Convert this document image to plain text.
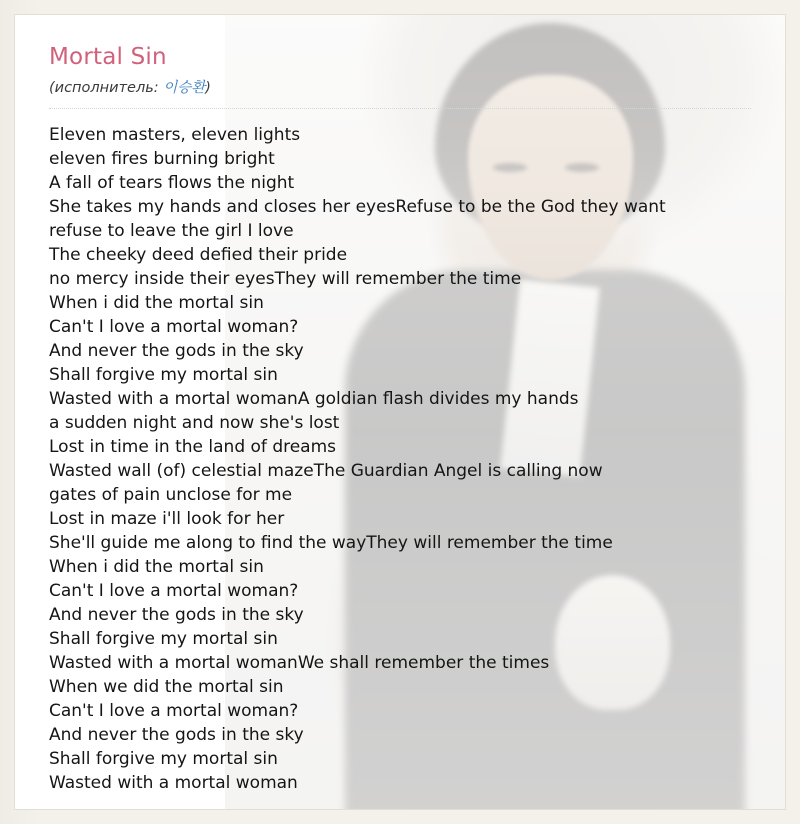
Mortal Sin
(исполнитель: 이승환)
Eleven masters, eleven lights
eleven fires burning bright
A fall of tears flows the night
She takes my hands and closes her eyesRefuse to be the God they want
refuse to leave the girl I love
The cheeky deed defied their pride
no mercy inside their eyesThey will remember the time
When i did the mortal sin
Can't I love a mortal woman?
And never the gods in the sky
Shall forgive my mortal sin
Wasted with a mortal womanA goldian flash divides my hands
a sudden night and now she's lost
Lost in time in the land of dreams
Wasted wall (of) celestial mazeThe Guardian Angel is calling now
gates of pain unclose for me
Lost in maze i'll look for her
She'll guide me along to find the wayThey will remember the time
When i did the mortal sin
Can't I love a mortal woman?
And never the gods in the sky
Shall forgive my mortal sin
Wasted with a mortal womanWe shall remember the times
When we did the mortal sin
Can't I love a mortal woman?
And never the gods in the sky
Shall forgive my mortal sin
Wasted with a mortal woman
